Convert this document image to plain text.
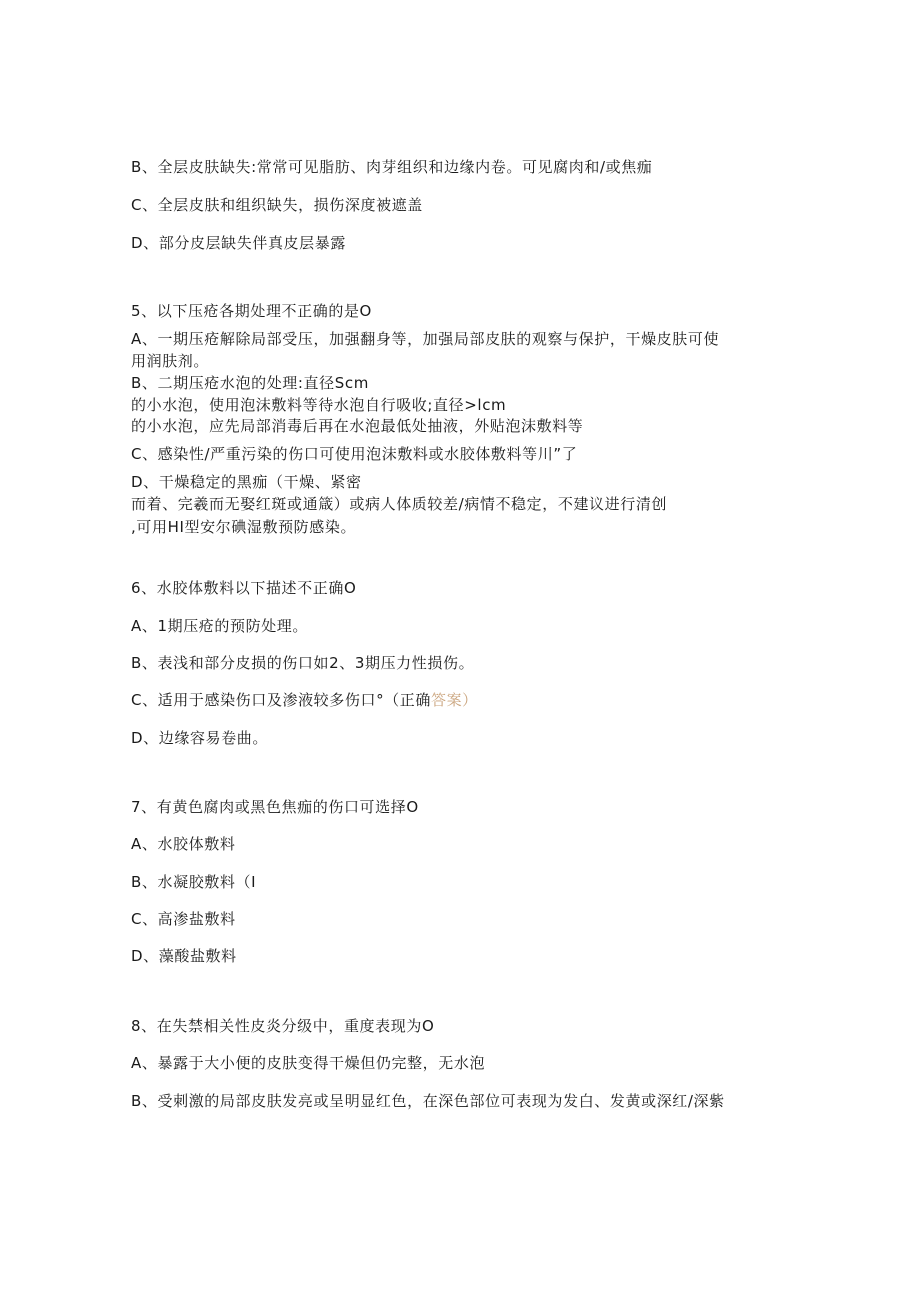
B、全层皮肤缺失:常常可见脂肪、肉芽组织和边缘内卷。可见腐肉和/或焦痂
C、全层皮肤和组织缺失，损伤深度被遮盖
D、部分皮层缺失伴真皮层暴露
5、以下压疮各期处理不正确的是O
A、一期压疮解除局部受压，加强翻身等，加强局部皮肤的观察与保护，干燥皮肤可使
用润肤剂。
B、二期压疮水泡的处理:直径Scm
的小水泡，使用泡沫敷料等待水泡自行吸收;直径>lcm
的小水泡，应先局部消毒后再在水泡最低处抽液，外贴泡沫敷料等
C、感染性/严重污染的伤口可使用泡沫敷料或水胶体敷料等川”了
D、干燥稳定的黑痂（干燥、紧密
而着、完羲而无娶红斑或通箴）或病人体质较差/病情不稳定，不建议进行清创
,可用HI型安尔碘湿敷预防感染。
6、水胶体敷料以下描述不正确O
A、1期压疮的预防处理。
B、表浅和部分皮损的伤口如2、3期压力性损伤。
C、适用于感染伤口及渗液较多伤口°（正确答案）
D、边缘容易卷曲。
7、有黄色腐肉或黑色焦痂的伤口可选择O
A、水胶体敷料
B、水凝胶敷料（I
C、高渗盐敷料
D、藻酸盐敷料
8、在失禁相关性皮炎分级中，重度表现为O
A、暴露于大小便的皮肤变得干燥但仍完整，无水泡
B、受刺激的局部皮肤发亮或呈明显红色，在深色部位可表现为发白、发黄或深红/深紫
